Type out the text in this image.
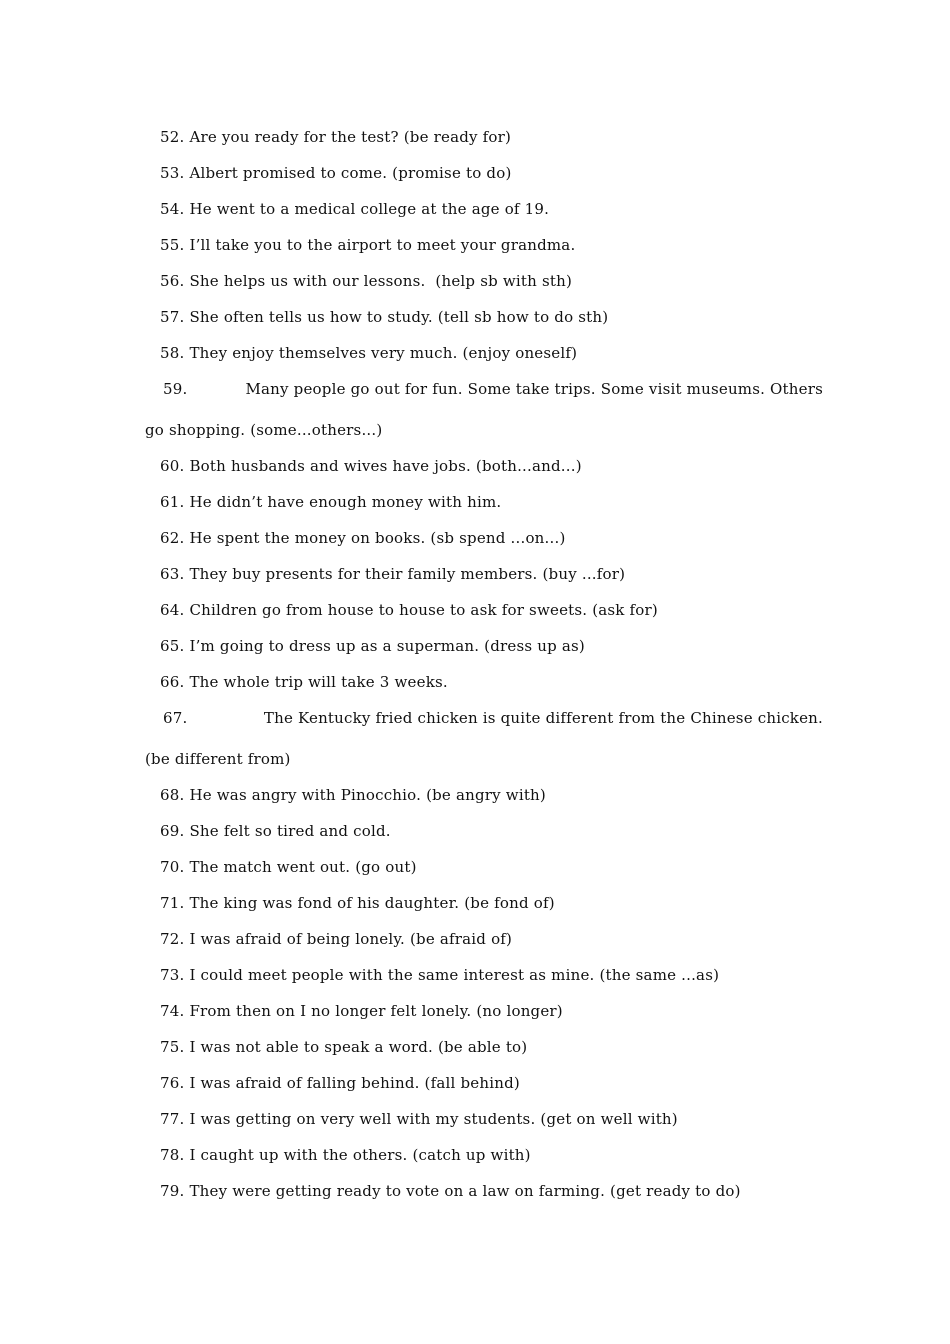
52. Are you ready for the test? (be ready for)
53. Albert promised to come. (promise to do)
54. He went to a medical college at the age of 19.
55. I’ll take you to the airport to meet your grandma.
56. She helps us with our lessons.  (help sb with sth)
57. She often tells us how to study. (tell sb how to do sth)
58. They enjoy themselves very much. (enjoy oneself)

59.	Many people go out for fun. Some take trips. Some visit museums. Others

go shopping. (some...others...)

60. Both husbands and wives have jobs. (both...and...)
61. He didn’t have enough money with him.
62. He spent the money on books. (sb spend ...on...)
63. They buy presents for their family members. (buy ...for)
64. Children go from house to house to ask for sweets. (ask for)
65. I’m going to dress up as a superman. (dress up as)
66. The whole trip will take 3 weeks.

67.	The Kentucky fried chicken is quite different from the Chinese chicken.

(be different from)

68. He was angry with Pinocchio. (be angry with)
69. She felt so tired and cold.
70. The match went out. (go out)
71. The king was fond of his daughter. (be fond of)
72. I was afraid of being lonely. (be afraid of)
73. I could meet people with the same interest as mine. (the same ...as)
74. From then on I no longer felt lonely. (no longer)
75. I was not able to speak a word. (be able to)
76. I was afraid of falling behind. (fall behind)
77. I was getting on very well with my students. (get on well with)
78. I caught up with the others. (catch up with)
79. They were getting ready to vote on a law on farming. (get ready to do)
